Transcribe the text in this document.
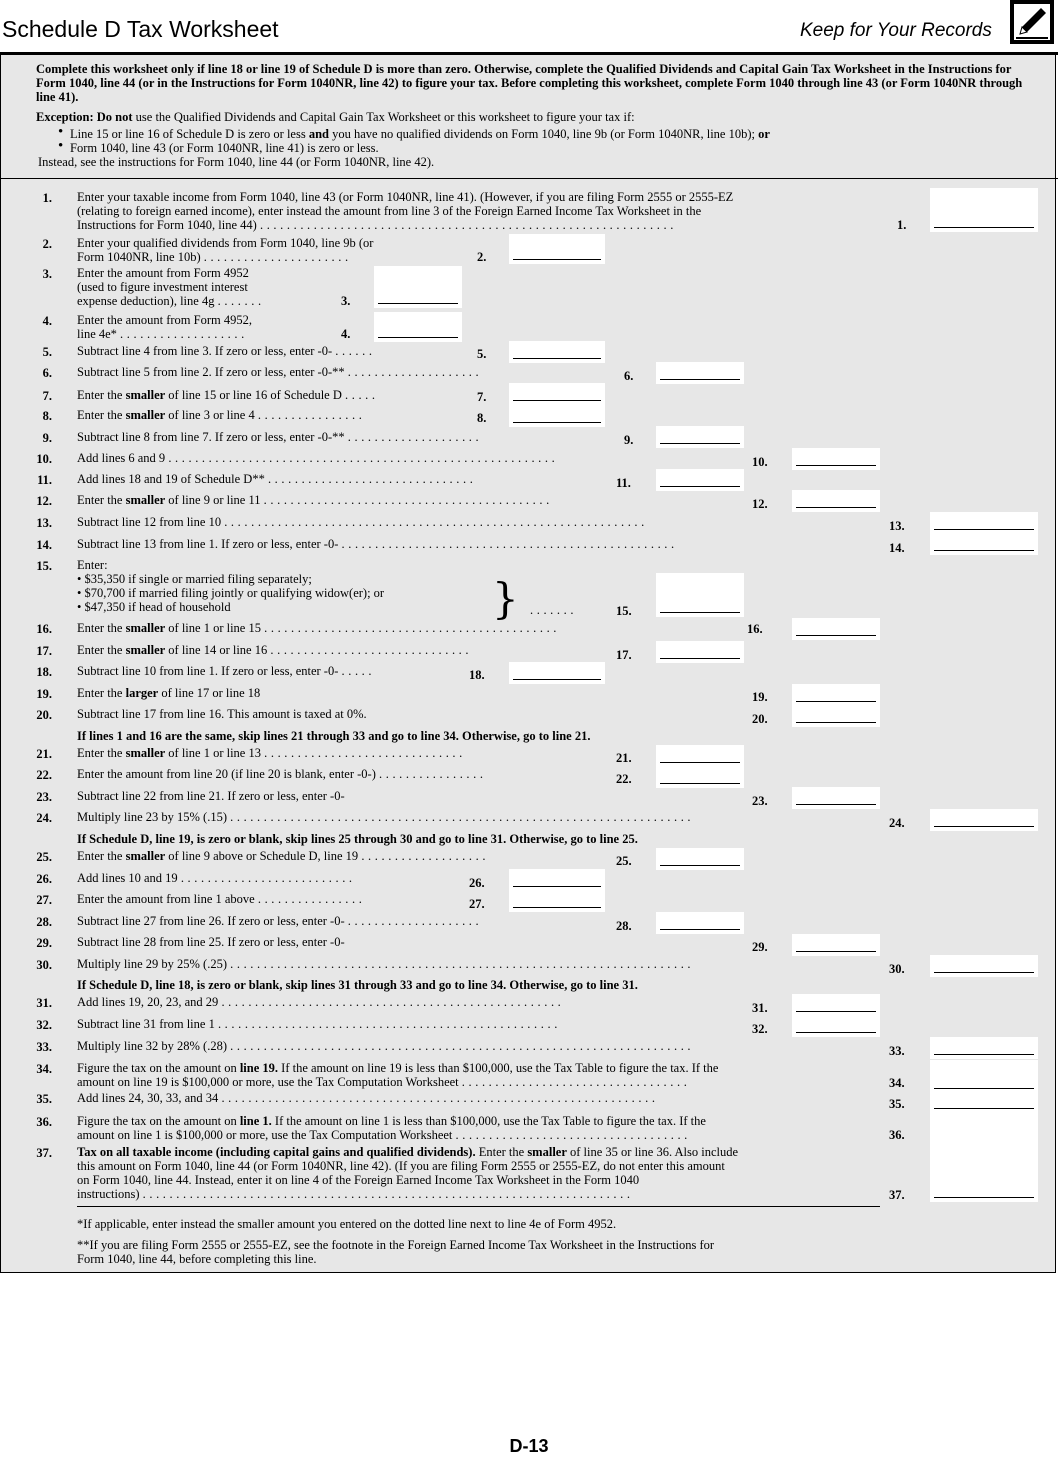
Schedule D Tax Worksheet	Keep for Your Records

Complete this worksheet only if line 18 or line 19 of Schedule D is more than zero. Otherwise, complete the Qualified Dividends and Capital Gain Tax Worksheet in the Instructions for Form 1040, line 44 (or in the Instructions for Form 1040NR, line 42) to figure your tax. Before completing this worksheet, complete Form 1040 through line 43 (or Form 1040NR through line 41).

Exception: Do not use the Qualified Dividends and Capital Gain Tax Worksheet or this worksheet to figure your tax if:

• Line 15 or line 16 of Schedule D is zero or less and you have no qualified dividends on Form 1040, line 9b (or Form 1040NR, line 10b); or

• Form 1040, line 43 (or Form 1040NR, line 41) is zero or less.

Instead, see the instructions for Form 1040, line 44 (or Form 1040NR, line 42).

1. Enter your taxable income from Form 1040, line 43 (or Form 1040NR, line 41). (However, if you are filing Form 2555 or 2555-EZ
(relating to foreign earned income), enter instead the amount from line 3 of the Foreign Earned Income Tax Worksheet in the
Instructions for Form 1040, line 44) ..............................................................	1.
2. Enter your qualified dividends from Form 1040, line 9b (or
Form 1040NR, line 10b) ......................	2.
3. Enter the amount from Form 4952
(used to figure investment interest
expense deduction), line 4g .......	3.
4. Enter the amount from Form 4952,
line 4e* ...................	4.
5. Subtract line 4 from line 3. If zero or less, enter -0- ......	5.
6. Subtract line 5 from line 2. If zero or less, enter -0-** ....................	6.
7. Enter the smaller of line 15 or line 16 of Schedule D .....	7.
8. Enter the smaller of line 3 or line 4 ................	8.
9. Subtract line 8 from line 7. If zero or less, enter -0-** ....................	9.
10. Add lines 6 and 9 ..........................................................	10.
11. Add lines 18 and 19 of Schedule D** ...............................	11.
12. Enter the smaller of line 9 or line 11 ...........................................	12.
13. Subtract line 12 from line 10 ...............................................................	13.
14. Subtract line 13 from line 1. If zero or less, enter -0- ..................................................	14.
15. Enter:
• $35,350 if single or married filing separately;
• $70,700 if married filing jointly or qualifying widow(er); or
• $47,350 if head of household	} .......	15.
16. Enter the smaller of line 1 or line 15 ............................................	16.
17. Enter the smaller of line 14 or line 16 ..............................	17.
18. Subtract line 10 from line 1. If zero or less, enter -0- .....	18.
19. Enter the larger of line 17 or line 18	19.
20. Subtract line 17 from line 16. This amount is taxed at 0%.	20.
If lines 1 and 16 are the same, skip lines 21 through 33 and go to line 34. Otherwise, go to line 21.
21. Enter the smaller of line 1 or line 13 ..............................	21.
22. Enter the amount from line 20 (if line 20 is blank, enter -0-) ................	22.
23. Subtract line 22 from line 21. If zero or less, enter -0-	23.
24. Multiply line 23 by 15% (.15) .....................................................................	24.
If Schedule D, line 19, is zero or blank, skip lines 25 through 30 and go to line 31. Otherwise, go to line 25.
25. Enter the smaller of line 9 above or Schedule D, line 19 ...................	25.
26. Add lines 10 and 19 ..........................	26.
27. Enter the amount from line 1 above ................	27.
28. Subtract line 27 from line 26. If zero or less, enter -0- ....................	28.
29. Subtract line 28 from line 25. If zero or less, enter -0-	29.
30. Multiply line 29 by 25% (.25) .....................................................................	30.
If Schedule D, line 18, is zero or blank, skip lines 31 through 33 and go to line 34. Otherwise, go to line 31.
31. Add lines 19, 20, 23, and 29 ...................................................	31.
32. Subtract line 31 from line 1 ...................................................	32.
33. Multiply line 32 by 28% (.28) .....................................................................	33.
34. Figure the tax on the amount on line 19. If the amount on line 19 is less than $100,000, use the Tax Table to figure the tax. If the
amount on line 19 is $100,000 or more, use the Tax Computation Worksheet ..................................	34.
35. Add lines 24, 30, 33, and 34 .................................................................	35.
36. Figure the tax on the amount on line 1. If the amount on line 1 is less than $100,000, use the Tax Table to figure the tax. If the
amount on line 1 is $100,000 or more, use the Tax Computation Worksheet ...................................	36.
37. Tax on all taxable income (including capital gains and qualified dividends). Enter the smaller of line 35 or line 36. Also include
this amount on Form 1040, line 44 (or Form 1040NR, line 42). (If you are filing Form 2555 or 2555-EZ, do not enter this amount
on Form 1040, line 44. Instead, enter it on line 4 of the Foreign Earned Income Tax Worksheet in the Form 1040
instructions) .........................................................................	37.
*If applicable, enter instead the smaller amount you entered on the dotted line next to line 4e of Form 4952.
**If you are filing Form 2555 or 2555-EZ, see the footnote in the Foreign Earned Income Tax Worksheet in the Instructions for
Form 1040, line 44, before completing this line.
D-13
